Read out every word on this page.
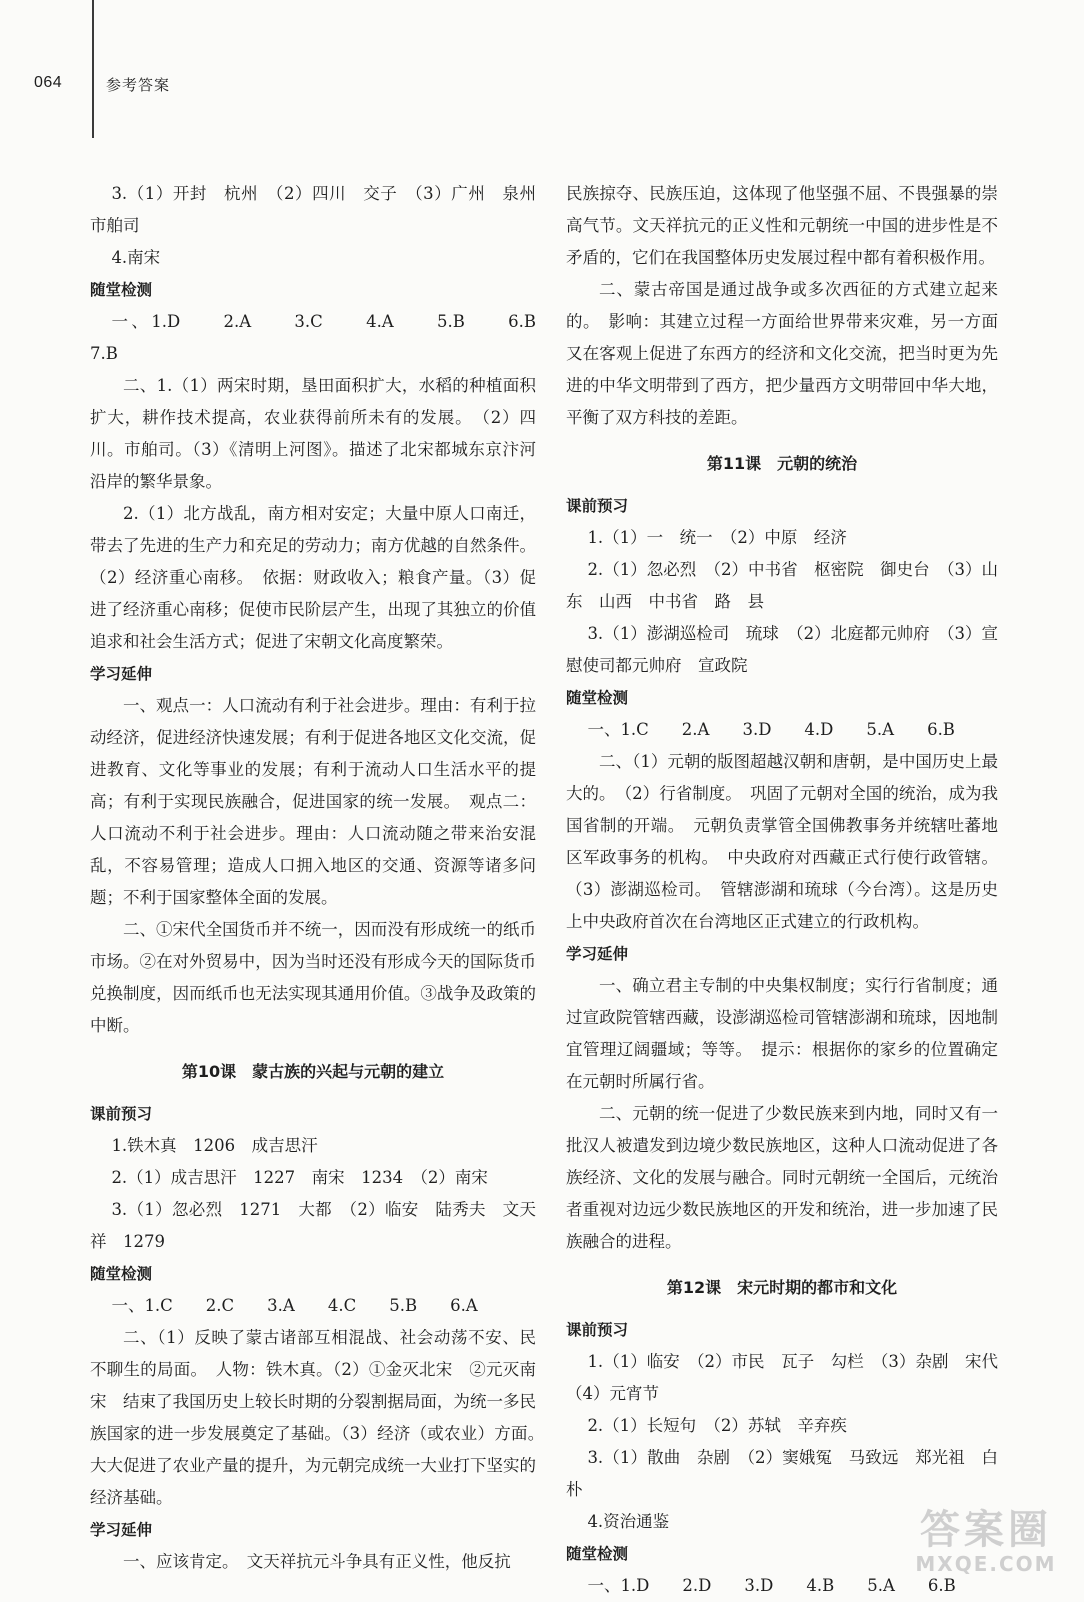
064	参考答案

3.（1）开封　杭州　（2）四川　交子　（3）广州　泉州　市舶司

4.南宋

随堂检测

一、1.D　　2.A　　3.C　　4.A　　5.B　　6.B　　7.B

二、1.（1）两宋时期，垦田面积扩大，水稻的种植面积扩大，耕作技术提高，农业获得前所未有的发展。　（2）四川。市舶司。（3）《清明上河图》。描述了北宋都城东京汴河沿岸的繁华景象。

2.（1）北方战乱，南方相对安定；大量中原人口南迁，带去了先进的生产力和充足的劳动力；南方优越的自然条件。（2）经济重心南移。　依据：财政收入；粮食产量。（3）促进了经济重心南移；促使市民阶层产生，出现了其独立的价值追求和社会生活方式；促进了宋朝文化高度繁荣。

学习延伸

一、观点一：人口流动有利于社会进步。理由：有利于拉动经济，促进经济快速发展；有利于促进各地区文化交流，促进教育、文化等事业的发展；有利于流动人口生活水平的提高；有利于实现民族融合，促进国家的统一发展。　观点二：人口流动不利于社会进步。理由：人口流动随之带来治安混乱，不容易管理；造成人口拥入地区的交通、资源等诸多问题；不利于国家整体全面的发展。

二、①宋代全国货币并不统一，因而没有形成统一的纸币市场。②在对外贸易中，因为当时还没有形成今天的国际货币兑换制度，因而纸币也无法实现其通用价值。③战争及政策的中断。

第10课　蒙古族的兴起与元朝的建立

课前预习

1.铁木真　1206　成吉思汗

2.（1）成吉思汗　1227　南宋　1234　（2）南宋

3.（1）忽必烈　1271　大都　（2）临安　陆秀夫　文天祥　1279

随堂检测

一、1.C　　2.C　　3.A　　4.C　　5.B　　6.A

二、（1）反映了蒙古诸部互相混战、社会动荡不安、民不聊生的局面。　人物：铁木真。（2）①金灭北宋　②元灭南宋　结束了我国历史上较长时期的分裂割据局面，为统一多民族国家的进一步发展奠定了基础。（3）经济（或农业）方面。　大大促进了农业产量的提升，为元朝完成统一大业打下坚实的经济基础。

学习延伸

一、应该肯定。　文天祥抗元斗争具有正义性，他反抗

民族掠夺、民族压迫，这体现了他坚强不屈、不畏强暴的崇高气节。文天祥抗元的正义性和元朝统一中国的进步性是不矛盾的，它们在我国整体历史发展过程中都有着积极作用。

二、蒙古帝国是通过战争或多次西征的方式建立起来的。　影响：其建立过程一方面给世界带来灾难，另一方面又在客观上促进了东西方的经济和文化交流，把当时更为先进的中华文明带到了西方，把少量西方文明带回中华大地，平衡了双方科技的差距。

第11课　元朝的统治

课前预习

1.（1）一　统一　（2）中原　经济

2.（1）忽必烈　（2）中书省　枢密院　御史台　（3）山东　山西　中书省　路　县

3.（1）澎湖巡检司　琉球　（2）北庭都元帅府　（3）宣慰使司都元帅府　宣政院

随堂检测

一、1.C　　2.A　　3.D　　4.D　　5.A　　6.B

二、（1）元朝的版图超越汉朝和唐朝，是中国历史上最大的。　（2）行省制度。　巩固了元朝对全国的统治，成为我国省制的开端。　元朝负责掌管全国佛教事务并统辖吐蕃地区军政事务的机构。　中央政府对西藏正式行使行政管辖。（3）澎湖巡检司。　管辖澎湖和琉球（今台湾）。这是历史上中央政府首次在台湾地区正式建立的行政机构。

学习延伸

一、确立君主专制的中央集权制度；实行行省制度；通过宣政院管辖西藏，设澎湖巡检司管辖澎湖和琉球，因地制宜管理辽阔疆域；等等。　提示：根据你的家乡的位置确定在元朝时所属行省。

二、元朝的统一促进了少数民族来到内地，同时又有一批汉人被遣发到边境少数民族地区，这种人口流动促进了各族经济、文化的发展与融合。同时元朝统一全国后，元统治者重视对边远少数民族地区的开发和统治，进一步加速了民族融合的进程。

第12课　宋元时期的都市和文化

课前预习

1.（1）临安　（2）市民　瓦子　勾栏　（3）杂剧　宋代（4）元宵节

2.（1）长短句　（2）苏轼　辛弃疾

3.（1）散曲　杂剧　（2）窦娥冤　马致远　郑光祖　白朴

4.资治通鉴

随堂检测

一、1.D　　2.D　　3.D　　4.B　　5.A　　6.B

答案圈
MXQE.COM
